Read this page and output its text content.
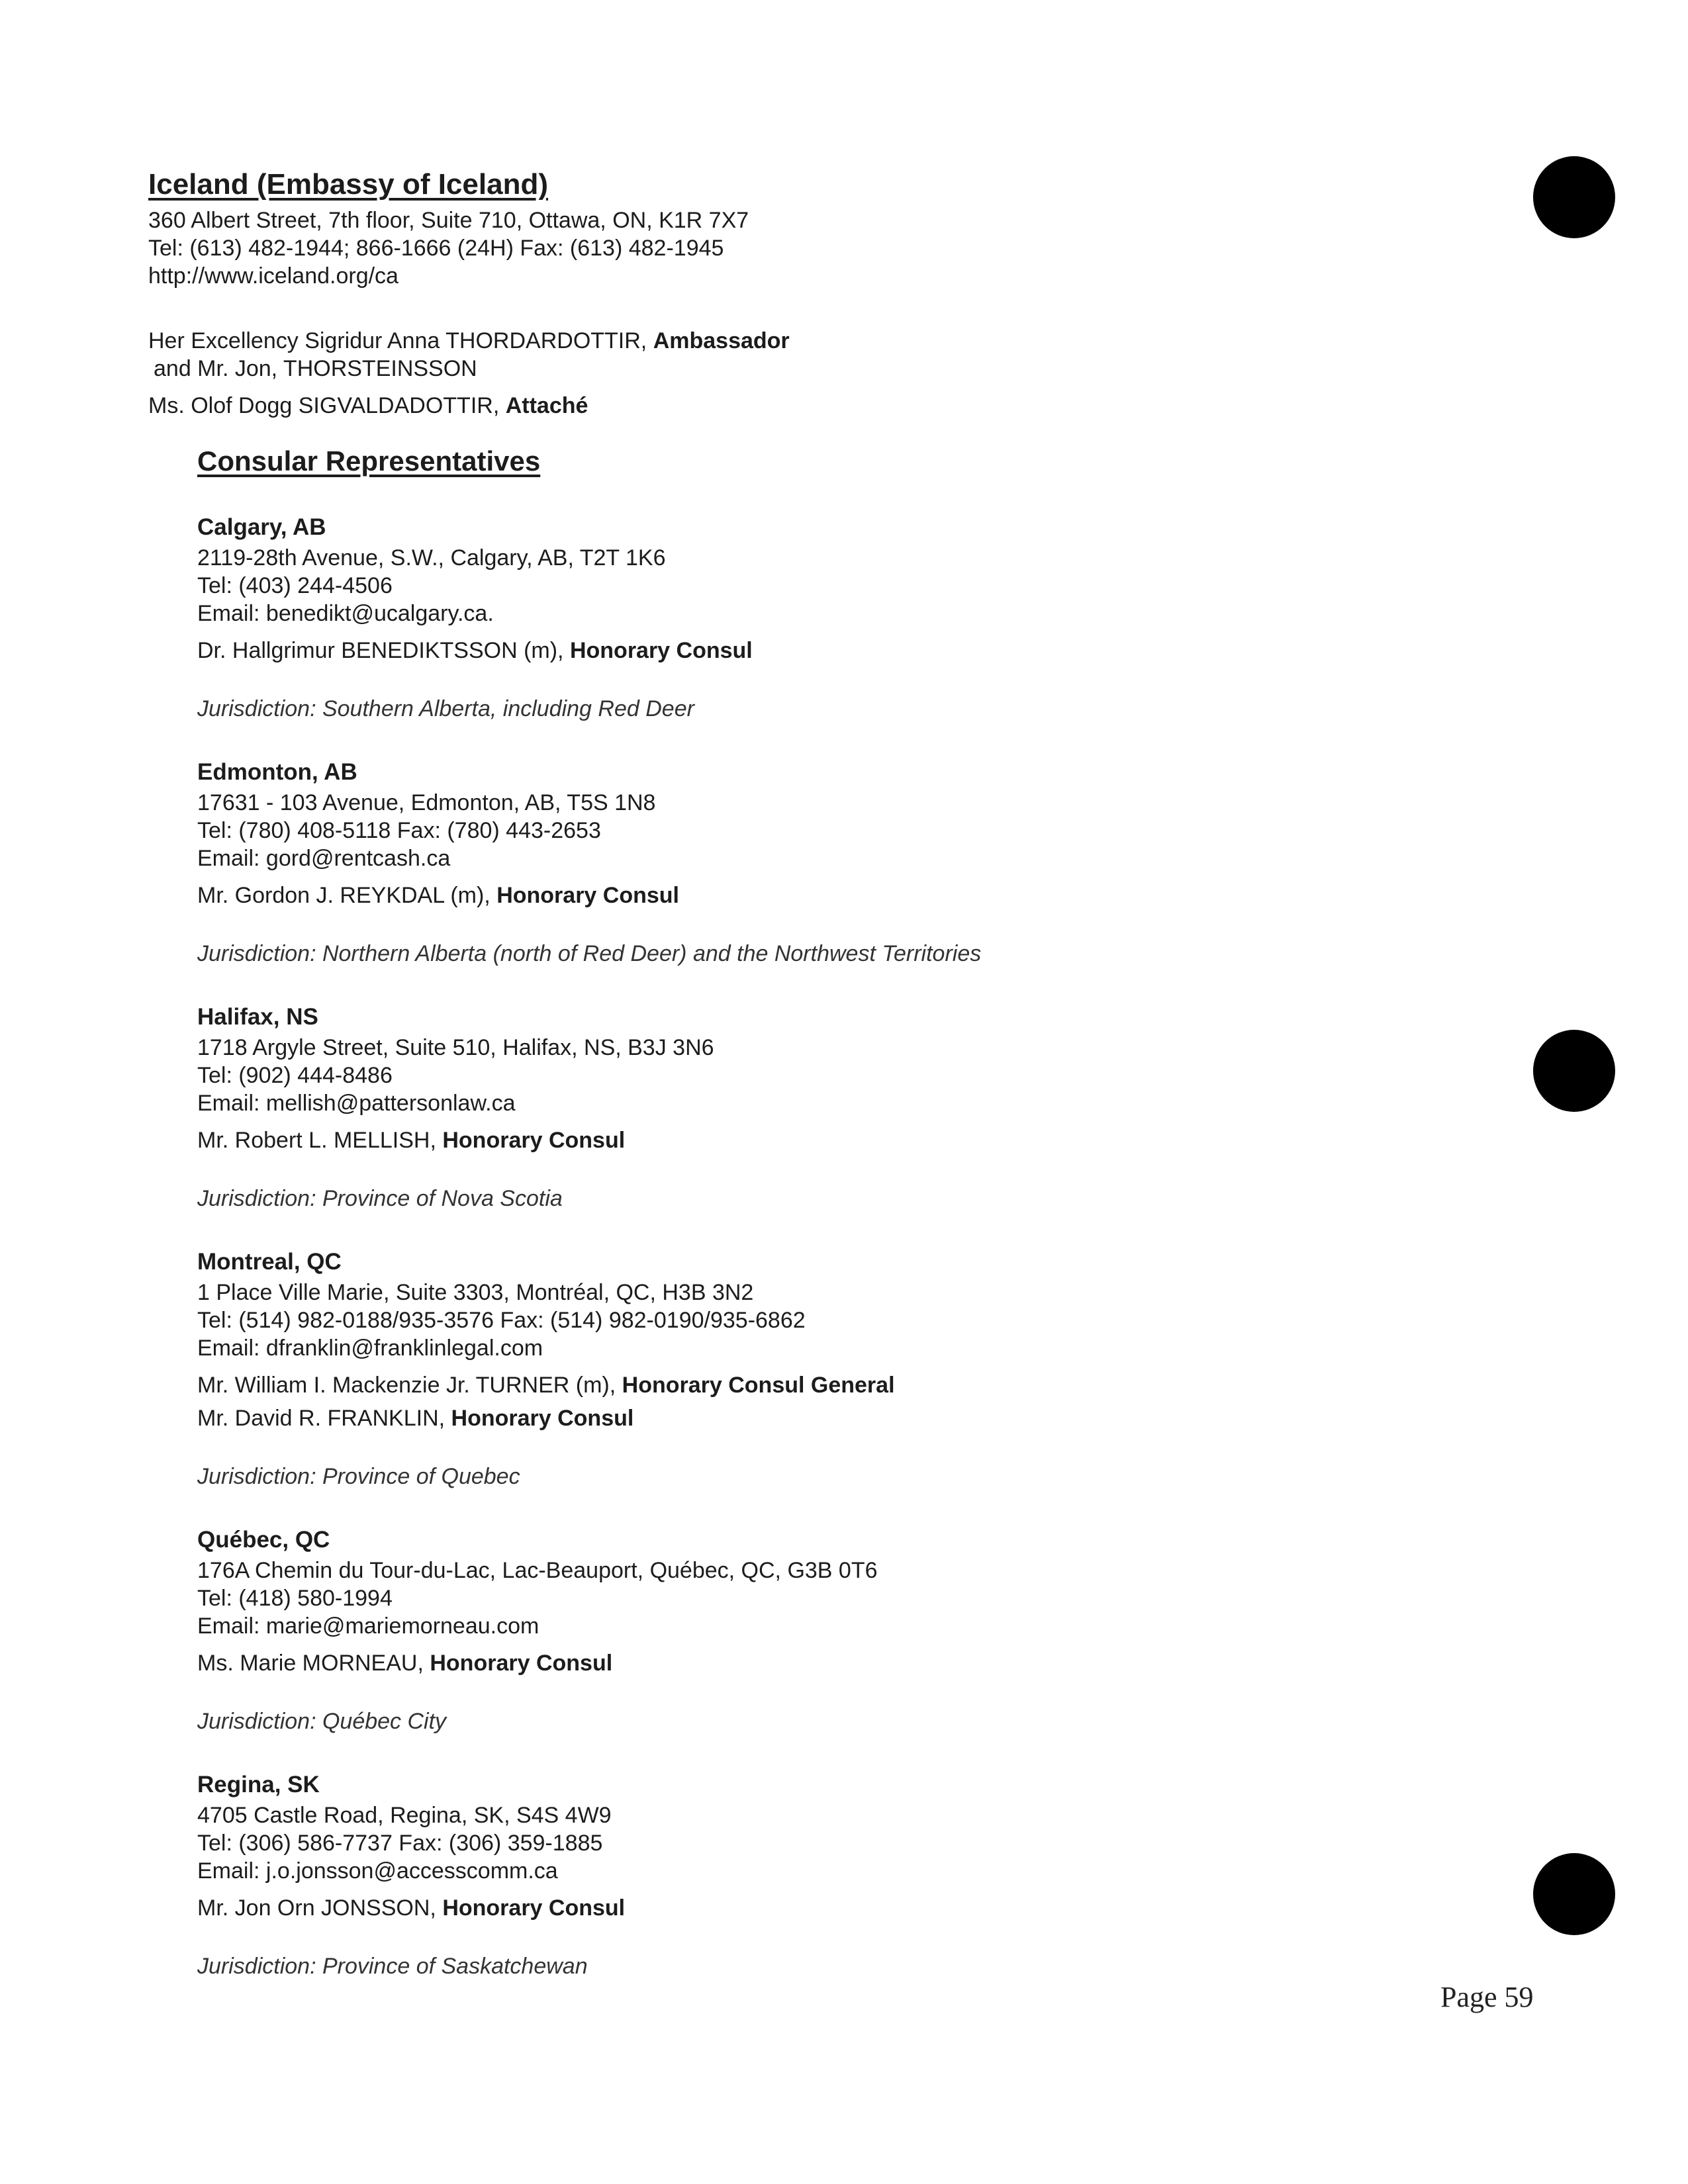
Iceland (Embassy of Iceland)
360 Albert Street, 7th floor, Suite 710, Ottawa, ON, K1R 7X7
Tel: (613) 482-1944; 866-1666 (24H) Fax: (613) 482-1945
http://www.iceland.org/ca
Her Excellency Sigridur Anna THORDARDOTTIR, Ambassador
and Mr. Jon, THORSTEINSSON
Ms. Olof Dogg SIGVALDADOTTIR, Attaché
Consular Representatives
Calgary, AB
2119-28th Avenue, S.W., Calgary, AB, T2T 1K6
Tel: (403) 244-4506
Email: benedikt@ucalgary.ca.
Dr. Hallgrimur BENEDIKTSSON (m), Honorary Consul
Jurisdiction: Southern Alberta, including Red Deer
Edmonton, AB
17631 - 103 Avenue, Edmonton, AB, T5S 1N8
Tel: (780) 408-5118 Fax: (780) 443-2653
Email: gord@rentcash.ca
Mr. Gordon J. REYKDAL (m), Honorary Consul
Jurisdiction: Northern Alberta (north of Red Deer) and the Northwest Territories
Halifax, NS
1718 Argyle Street, Suite 510, Halifax, NS, B3J 3N6
Tel: (902) 444-8486
Email: mellish@pattersonlaw.ca
Mr. Robert L. MELLISH, Honorary Consul
Jurisdiction: Province of Nova Scotia
Montreal, QC
1 Place Ville Marie, Suite 3303, Montréal, QC, H3B 3N2
Tel: (514) 982-0188/935-3576 Fax: (514) 982-0190/935-6862
Email: dfranklin@franklinlegal.com
Mr. William I. Mackenzie Jr. TURNER (m), Honorary Consul General
Mr. David R. FRANKLIN, Honorary Consul
Jurisdiction: Province of Quebec
Québec, QC
176A Chemin du Tour-du-Lac, Lac-Beauport, Québec, QC, G3B 0T6
Tel: (418) 580-1994
Email: marie@mariemorneau.com
Ms. Marie MORNEAU, Honorary Consul
Jurisdiction: Québec City
Regina, SK
4705 Castle Road, Regina, SK, S4S 4W9
Tel: (306) 586-7737 Fax: (306) 359-1885
Email: j.o.jonsson@accesscomm.ca
Mr. Jon Orn JONSSON, Honorary Consul
Jurisdiction: Province of Saskatchewan
Page 59
